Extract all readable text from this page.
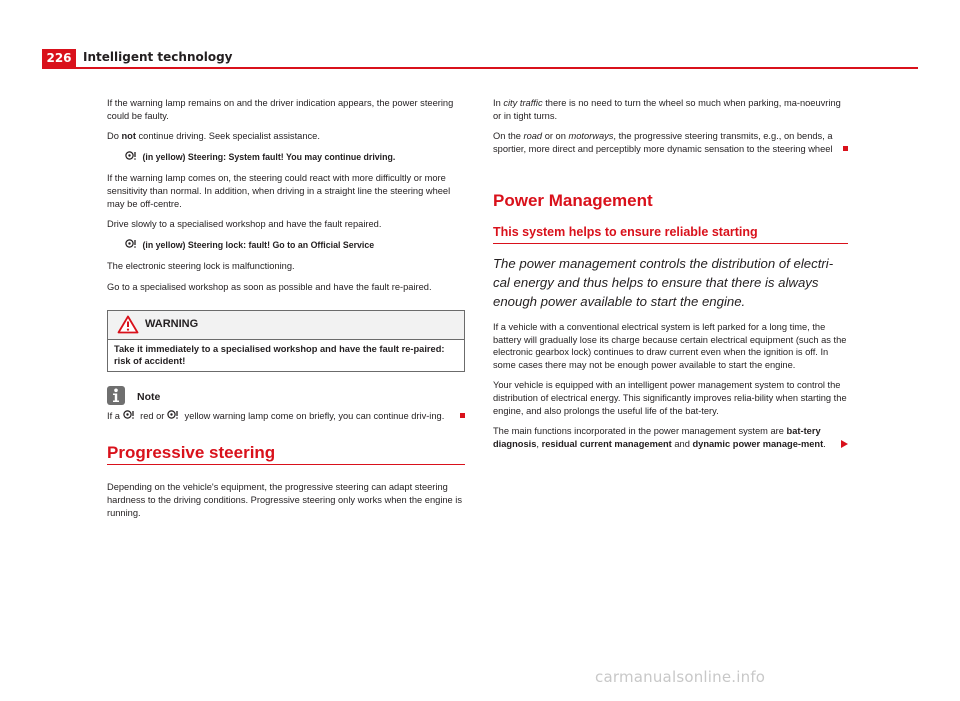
226 Intelligent technology

If the warning lamp remains on and the driver indication appears, the power steering could be faulty.

Do not continue driving. Seek specialist assistance.

(in yellow) Steering: System fault! You may continue driving.

If the warning lamp comes on, the steering could react with more difficultly or more sensitivity than normal. In addition, when driving in a straight line the steering wheel may be off-centre.

Drive slowly to a specialised workshop and have the fault repaired.

(in yellow) Steering lock: fault! Go to an Official Service

The electronic steering lock is malfunctioning.

Go to a specialised workshop as soon as possible and have the fault re-paired.

WARNING
Take it immediately to a specialised workshop and have the fault re-paired: risk of accident!
Note

If a  red or  yellow warning lamp come on briefly, you can continue driv-ing.

Progressive steering

Depending on the vehicle's equipment, the progressive steering can adapt steering hardness to the driving conditions. Progressive steering only works when the engine is running.

In city traffic there is no need to turn the wheel so much when parking, ma-noeuvring or in tight turns.

On the road or on motorways, the progressive steering transmits, e.g., on bends, a sportier, more direct and perceptibly more dynamic sensation to the steering wheel

Power Management
This system helps to ensure reliable starting
The power management controls the distribution of electri-cal energy and thus helps to ensure that there is always enough power available to start the engine.

If a vehicle with a conventional electrical system is left parked for a long time, the battery will gradually lose its charge because certain electrical equipment (such as the electronic gearbox lock) continues to draw current even when the ignition is off. In some cases there may not be enough power available to start the engine.

Your vehicle is equipped with an intelligent power management system to control the distribution of electrical energy. This significantly improves relia-bility when starting the engine, and also prolongs the useful life of the bat-tery.

The main functions incorporated in the power management system are bat-tery diagnosis, residual current management and dynamic power manage-ment.

carmanualsonline.info
